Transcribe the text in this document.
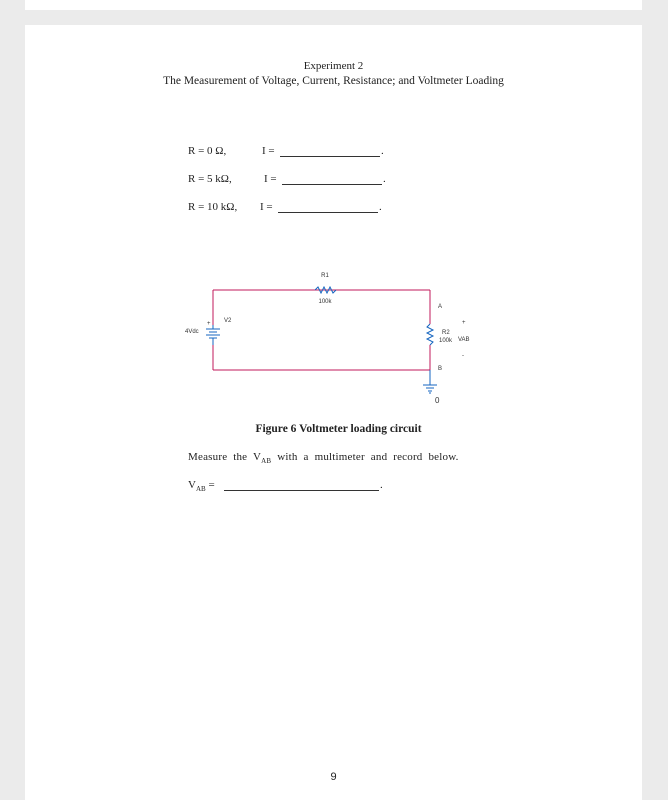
Experiment 2
The Measurement of Voltage, Current, Resistance; and Voltmeter Loading
R = 0 Ω,	I =	.
R = 5 kΩ,	I =	.
R = 10 kΩ, I =	.
R1
100k
R2
100k
V2
4Vdc
+
A
B
+
VAB
-
0
Figure 6 Voltmeter loading circuit
Measure the $V_{AB}$ with a multimeter and record below.
$V_{AB}$ =	.
9
